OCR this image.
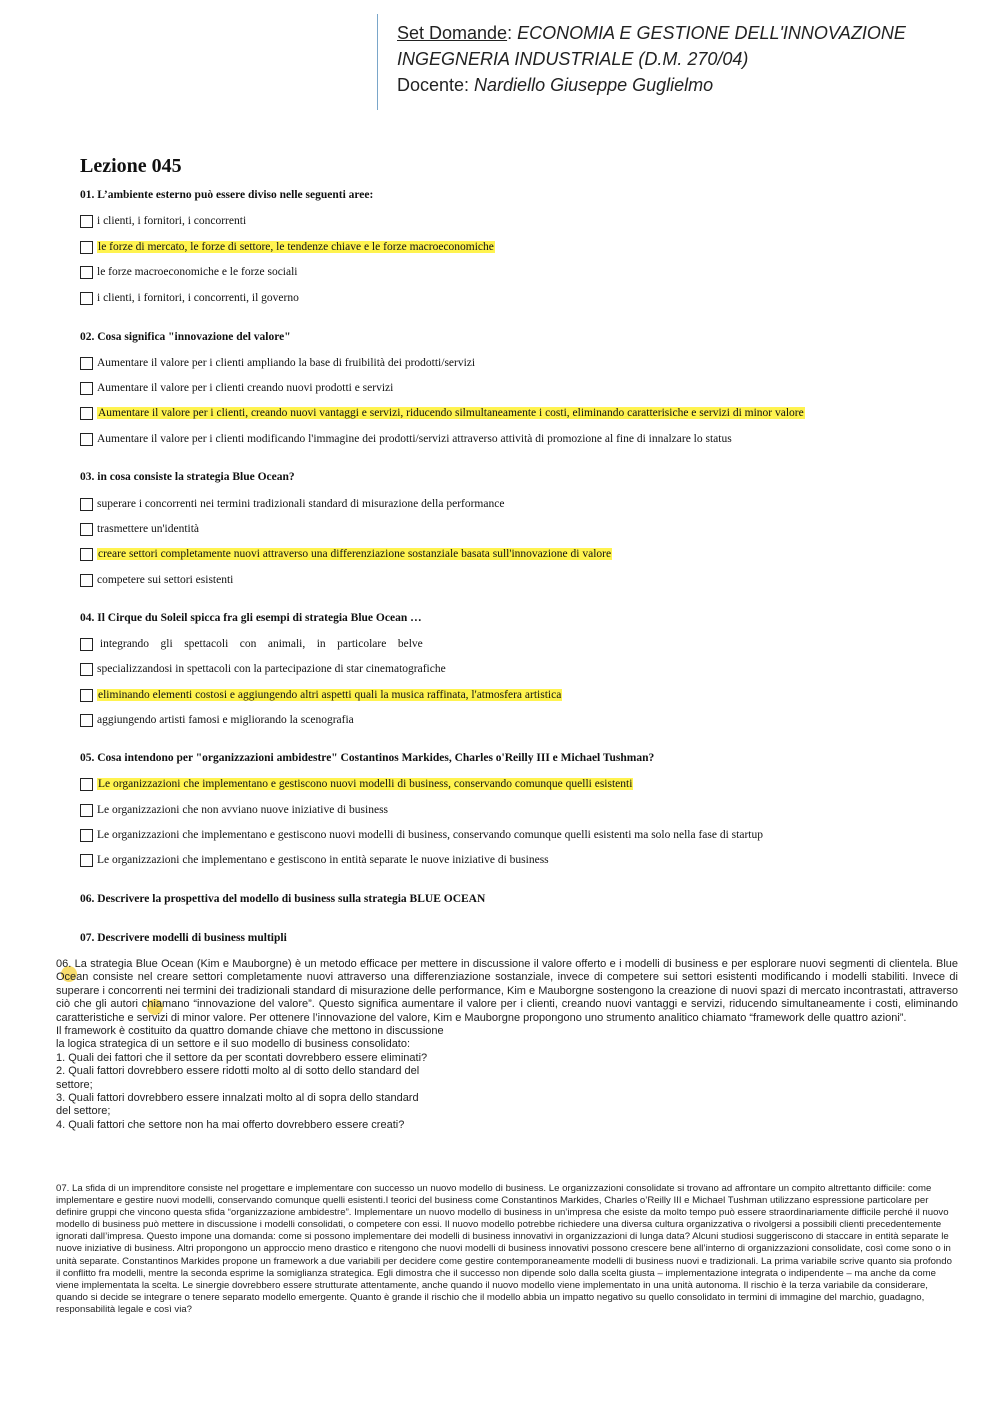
Set Domande: ECONOMIA E GESTIONE DELL'INNOVAZIONE
INGEGNERIA INDUSTRIALE (D.M. 270/04)
Docente: Nardiello Giuseppe Guglielmo
Lezione 045
01. L’ambiente esterno può essere diviso nelle seguenti aree:
i clienti, i fornitori, i concorrenti
le forze di mercato, le forze di settore, le tendenze chiave e le forze macroeconomiche
le forze macroeconomiche e le forze sociali
i clienti, i fornitori, i concorrenti, il governo
02. Cosa significa "innovazione del valore"
Aumentare il valore per i clienti ampliando la base di fruibilità dei prodotti/servizi
Aumentare il valore per i clienti creando nuovi prodotti e servizi
Aumentare il valore per i clienti, creando nuovi vantaggi e servizi, riducendo silmultaneamente i costi, eliminando caratterisiche e servizi di minor valore
Aumentare il valore per i clienti modificando l'immagine dei prodotti/servizi attraverso attività di promozione al fine di innalzare lo status
03. in cosa consiste la strategia Blue Ocean?
superare i concorrenti nei termini tradizionali standard di misurazione della performance
trasmettere un'identità
creare settori completamente nuovi attraverso una differenziazione sostanziale basata sull'innovazione di valore
competere sui settori esistenti
04. Il Cirque du Soleil spicca fra gli esempi di strategia Blue Ocean …
integrando    gli    spettacoli    con    animali,    in    particolare    belve
specializzandosi in spettacoli con la partecipazione di star cinematografiche
eliminando elementi costosi e aggiungendo altri aspetti quali la musica raffinata, l'atmosfera artistica
aggiungendo artisti famosi e migliorando la scenografia
05. Cosa intendono per "organizzazioni ambidestre" Costantinos Markides, Charles o'Reilly III e Michael Tushman?
Le organizzazioni che implementano e gestiscono nuovi modelli di business, conservando comunque quelli esistenti
Le organizzazioni che non avviano nuove iniziative di business
Le organizzazioni che implementano e gestiscono nuovi modelli di business, conservando comunque quelli esistenti ma solo nella fase di startup
Le organizzazioni che implementano e gestiscono in entità separate le nuove iniziative di business
06. Descrivere la prospettiva del modello di business sulla strategia BLUE OCEAN
07. Descrivere modelli di business multipli

06. La strategia Blue Ocean (Kim e Mauborgne) è un metodo efficace per mettere in discussione il valore offerto e i modelli di business e per esplorare nuovi segmenti di clientela. Blue Ocean consiste nel creare settori completamente nuovi attraverso una differenziazione sostanziale, invece di competere sui settori esistenti modificando i modelli stabiliti. Invece di superare i concorrenti nei termini dei tradizionali standard di misurazione delle performance, Kim e Mauborgne sostengono la creazione di nuovi spazi di mercato incontrastati, attraverso ciò che gli autori chiamano “innovazione del valore”. Questo significa aumentare il valore per i clienti, creando nuovi vantaggi e servizi, riducendo simultaneamente i costi, eliminando caratteristiche e servizi di minor valore. Per ottenere l’innovazione del valore, Kim e Mauborgne propongono uno strumento analitico chiamato “framework delle quattro azioni”.

Il framework è costituito da quattro domande chiave che mettono in discussione

la logica strategica di un settore e il suo modello di business consolidato:

1. Quali dei fattori che il settore da per scontati dovrebbero essere eliminati?

2. Quali fattori dovrebbero essere ridotti molto al di sotto dello standard del

settore;

3. Quali fattori dovrebbero essere innalzati molto al di sopra dello standard

del settore;

4. Quali fattori che settore non ha mai offerto dovrebbero essere creati?

07. La sfida di un imprenditore consiste nel progettare e implementare con successo un nuovo modello di business. Le organizzazioni consolidate si trovano ad affrontare un compito altrettanto difficile: come implementare e gestire nuovi modelli, conservando comunque quelli esistenti.I teorici del business come Constantinos Markides, Charles o’Reilly III e Michael Tushman utilizzano espressione particolare per definire gruppi che vincono questa sfida “organizzazione ambidestre”. Implementare un nuovo modello di business in un’impresa che esiste da molto tempo può essere straordinariamente difficile perché il nuovo modello di business può mettere in discussione i modelli consolidati, o competere con essi. Il nuovo modello potrebbe richiedere una diversa cultura organizzativa o rivolgersi a possibili clienti precedentemente ignorati dall’impresa. Questo impone una domanda: come si possono implementare dei modelli di business innovativi in organizzazioni di lunga data? Alcuni studiosi suggeriscono di staccare in entità separate le nuove iniziative di business. Altri propongono un approccio meno drastico e ritengono che nuovi modelli di business innovativi possono crescere bene all’interno di organizzazioni consolidate, così come sono o in unità separate. Constantinos Markides propone un framework a due variabili per decidere come gestire contemporaneamente modelli di business nuovi e tradizionali. La prima variabile scrive quanto sia profondo il conflitto fra modelli, mentre la seconda esprime la somiglianza strategica. Egli dimostra che il successo non dipende solo dalla scelta giusta – implementazione integrata o indipendente – ma anche da come viene implementata la scelta. Le sinergie dovrebbero essere strutturate attentamente, anche quando il nuovo modello viene implementato in una unità autonoma. Il rischio è la terza variabile da considerare, quando si decide se integrare o tenere separato modello emergente. Quanto è grande il rischio che il modello abbia un impatto negativo su quello consolidato in termini di immagine del marchio, guadagno, responsabilità legale e così via?
